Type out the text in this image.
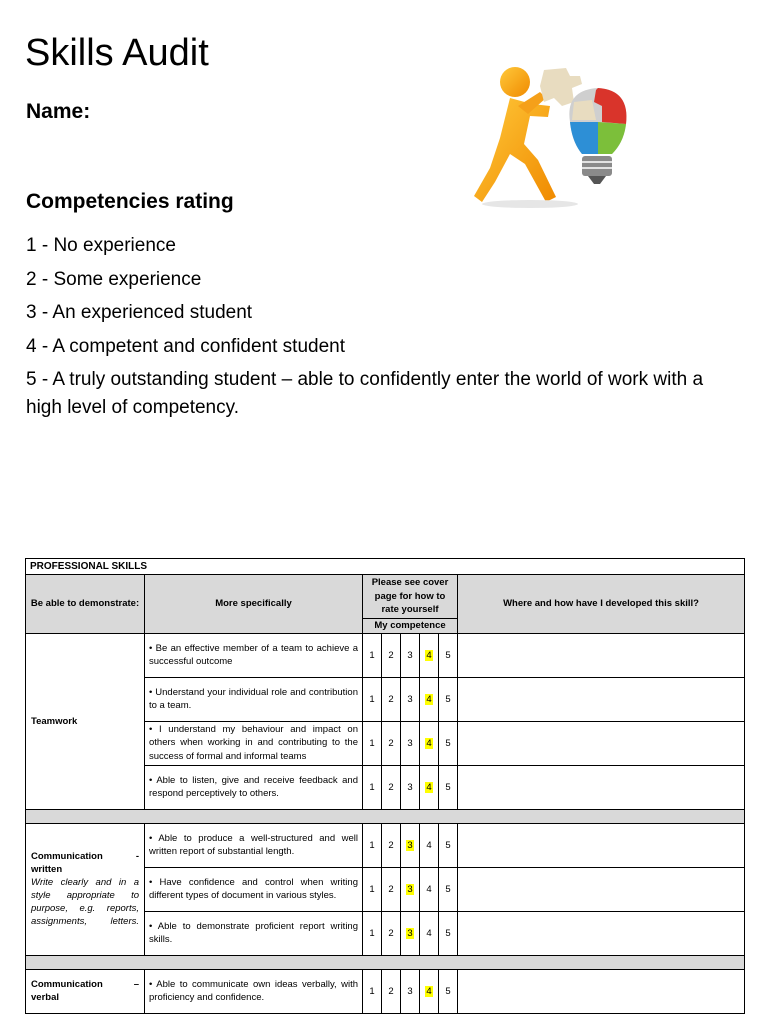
Skills Audit
Name:
Competencies rating
1 - No experience
2 - Some experience
3 - An experienced student
4 - A competent and confident student
5 - A truly outstanding student – able to confidently enter the world of work with a high level of competency.
PROFESSIONAL SKILLS							
Be able to demonstrate:	More specifically	Please see cover page for how to rate yourself					Where and how have I developed this skill?
		My competence					

Teamwork	• Be an effective member of a team to achieve a successful outcome	1	2	3	4	5	
	• Understand your individual role and contribution to a team.	1	2	3	4	5	
	• I understand my behaviour and impact on others when working in and contributing to the success of formal and informal teams	1	2	3	4	5	
	• Able to listen, give and receive feedback and respond perceptively to others.	1	2	3	4	5	

Communication -
written
Write clearly and in a style appropriate to purpose, e.g. reports, assignments, letters.	• Able to produce a well-structured and well written report of substantial length.	1	2	3	4	5	
	• Have confidence and control when writing different types of document in various styles.	1	2	3	4	5	
	• Able to demonstrate proficient report writing skills.	1	2	3	4	5	

Communication –
verbal	• Able to communicate own ideas verbally, with proficiency and confidence.	1	2	3	4	5	
